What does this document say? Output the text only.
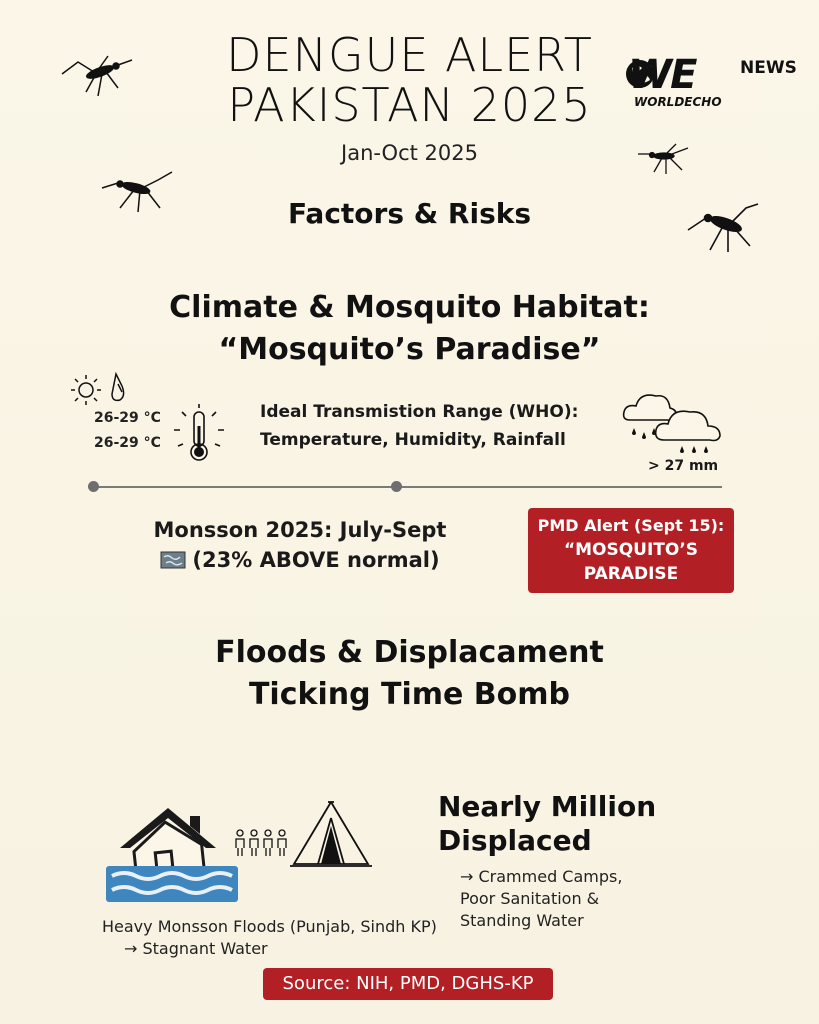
DENGUE ALERT
PAKISTAN 2025
Jan-Oct 2025
WE	NEWS
WORLDECHO
Factors & Risks
Climate & Mosquito Habitat:
“Mosquito’s Paradise”
26-29 °C
26-29 °C
Ideal Transmistion Range (WHO):
Temperature, Humidity, Rainfall
> 27 mm
Monsson 2025: July-Sept
(23% ABOVE normal)
PMD Alert (Sept 15):
“MOSQUITO’S
PARADISE
Floods & Displacament
Ticking Time Bomb
Nearly Million
Displaced
→ Crammed Camps,
Poor Sanitation &
Standing Water
Heavy Monsson Floods (Punjab, Sindh KP)
→ Stagnant Water
Source: NIH, PMD, DGHS-KP
